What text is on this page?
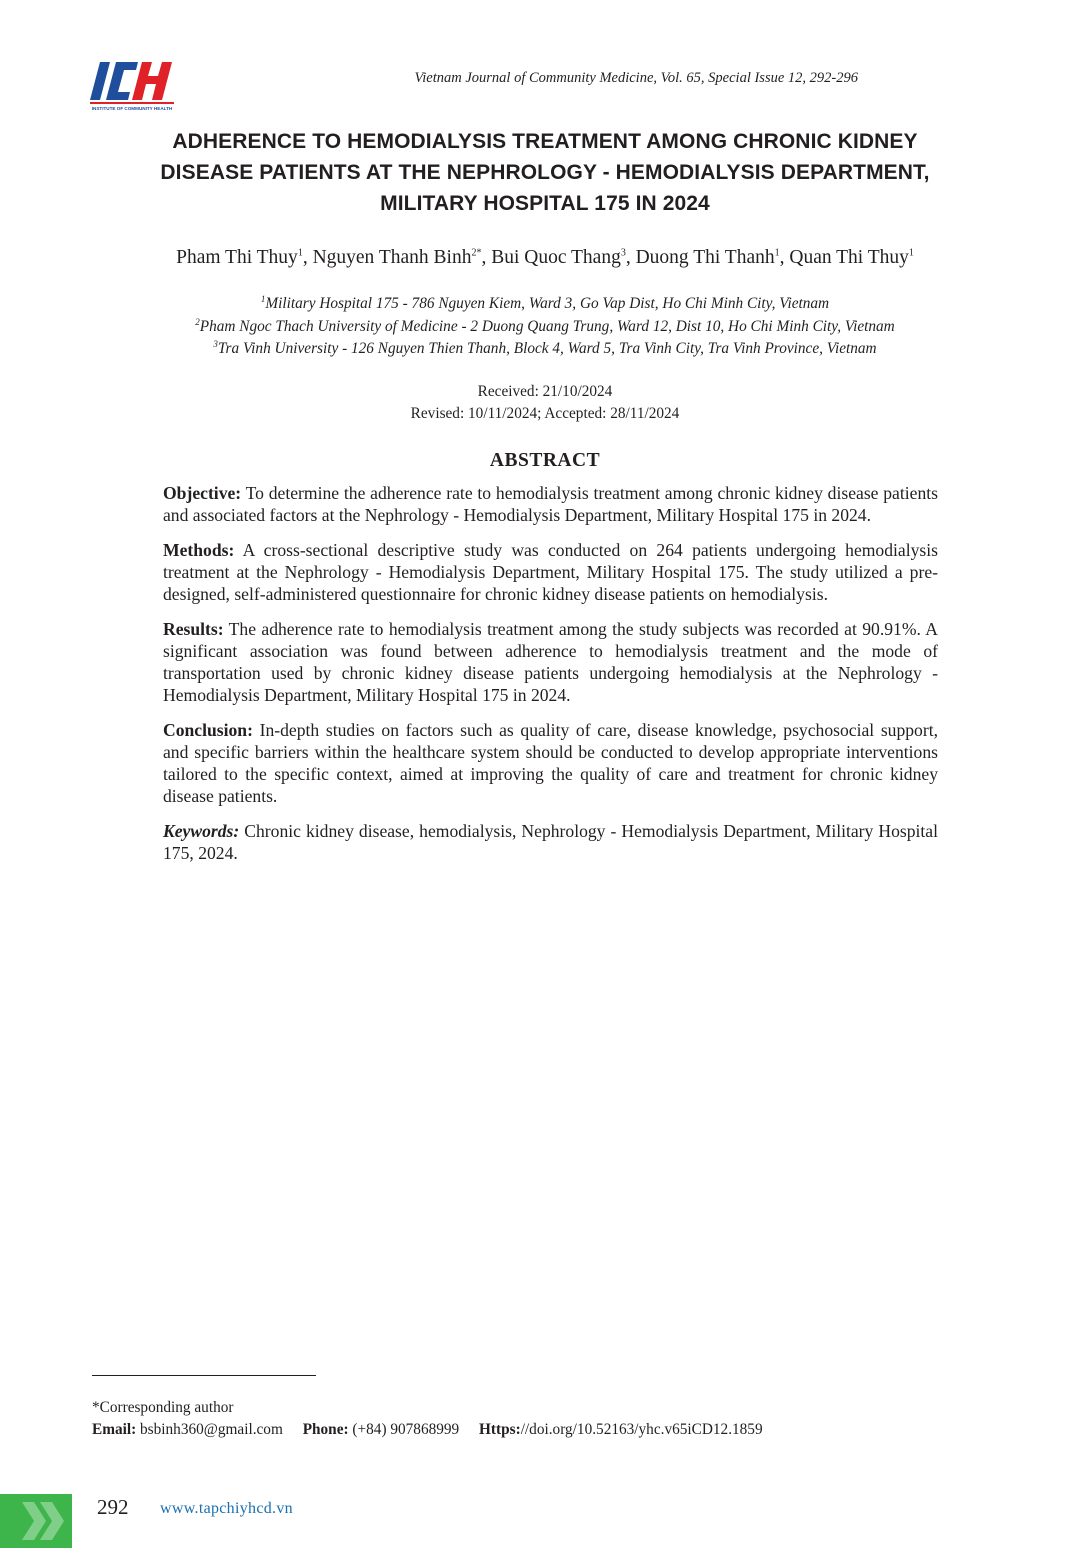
INSTITUTE OF COMMUNITY HEALTH
Vietnam Journal of Community Medicine, Vol. 65, Special Issue 12, 292-296
ADHERENCE TO HEMODIALYSIS TREATMENT AMONG CHRONIC KIDNEY
DISEASE PATIENTS AT THE NEPHROLOGY - HEMODIALYSIS DEPARTMENT,
MILITARY HOSPITAL 175 IN 2024
Pham Thi Thuy$^1$, Nguyen Thanh Binh$^{2*}$, Bui Quoc Thang$^3$, Duong Thi Thanh$^1$, Quan Thi Thuy$^1$
$^1$Military Hospital 175 - 786 Nguyen Kiem, Ward 3, Go Vap Dist, Ho Chi Minh City, Vietnam
$^2$Pham Ngoc Thach University of Medicine - 2 Duong Quang Trung, Ward 12, Dist 10, Ho Chi Minh City, Vietnam
$^3$Tra Vinh University - 126 Nguyen Thien Thanh, Block 4, Ward 5, Tra Vinh City, Tra Vinh Province, Vietnam
Received: 21/10/2024
Revised: 10/11/2024; Accepted: 28/11/2024
ABSTRACT

Objective: To determine the adherence rate to hemodialysis treatment among chronic kidney disease patients and associated factors at the Nephrology - Hemodialysis Department, Military Hospital 175 in 2024.

Methods: A cross-sectional descriptive study was conducted on 264 patients undergoing hemodialysis treatment at the Nephrology - Hemodialysis Department, Military Hospital 175. The study utilized a pre-designed, self-administered questionnaire for chronic kidney disease patients on hemodialysis.

Results: The adherence rate to hemodialysis treatment among the study subjects was recorded at 90.91%. A significant association was found between adherence to hemodialysis treatment and the mode of transportation used by chronic kidney disease patients undergoing hemodialysis at the Nephrology - Hemodialysis Department, Military Hospital 175 in 2024.

Conclusion: In-depth studies on factors such as quality of care, disease knowledge, psychosocial support, and specific barriers within the healthcare system should be conducted to develop appropriate interventions tailored to the specific context, aimed at improving the quality of care and treatment for chronic kidney disease patients.

Keywords: Chronic kidney disease, hemodialysis, Nephrology - Hemodialysis Department, Military Hospital 175, 2024.

*Corresponding author
Email: bsbinh360@gmail.com Phone: (+84) 907868999 Https://doi.org/10.52163/yhc.v65iCD12.1859
292 www.tapchiyhcd.vn
